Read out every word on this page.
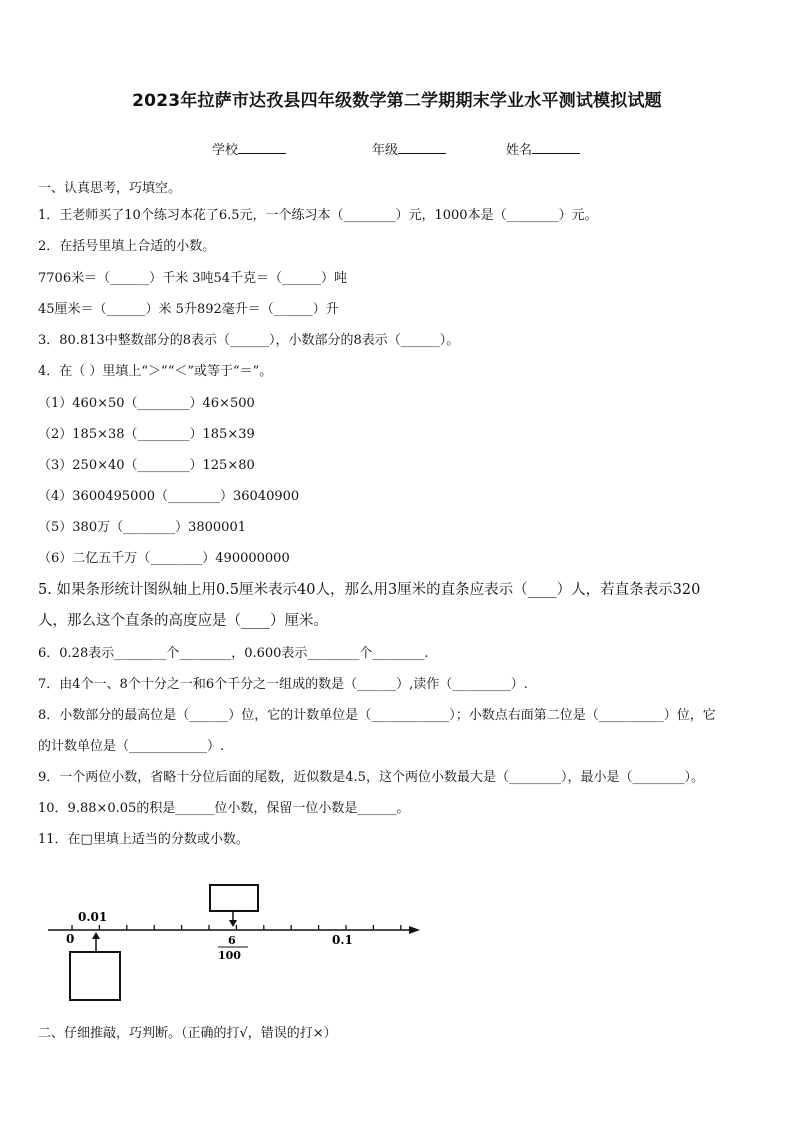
2023年拉萨市达孜县四年级数学第二学期期末学业水平测试模拟试题
学校	年级	姓名
一、认真思考，巧填空。
1．王老师买了10个练习本花了6.5元，一个练习本（________）元，1000本是（________）元。
2．在括号里填上合适的小数。
7706米＝（______）千米 3吨54千克＝（______）吨
45厘米＝（______）米 5升892毫升＝（______）升
3．80.813中整数部分的8表示（______），小数部分的8表示（______）。
4．在（ ）里填上“＞”“＜”或等于“＝”。
（1）460×50（________）46×500
（2）185×38（________）185×39
（3）250×40（________）125×80
（4）3600495000（________）36040900
（5）380万（________）3800001
（6）二亿五千万（________）490000000
5. 如果条形统计图纵轴上用0.5厘米表示40人，那么用3厘米的直条应表示（____）人，若直条表示320
人，那么这个直条的高度应是（____）厘米。
6．0.28表示________个________，0.600表示________个________.
7．由4个一、8个十分之一和6个千分之一组成的数是（______）,读作（_________）.
8．小数部分的最高位是（______）位，它的计数单位是（____________）；小数点右面第二位是（__________）位，它
的计数单位是（____________）.
9．一个两位小数，省略十分位后面的尾数，近似数是4.5，这个两位小数最大是（________），最小是（________）。
10．9.88×0.05的积是______位小数，保留一位小数是______。
11．在□里填上适当的分数或小数。
0
0.01
6
100
0.1
二、仔细推敲，巧判断。（正确的打√，错误的打×）
